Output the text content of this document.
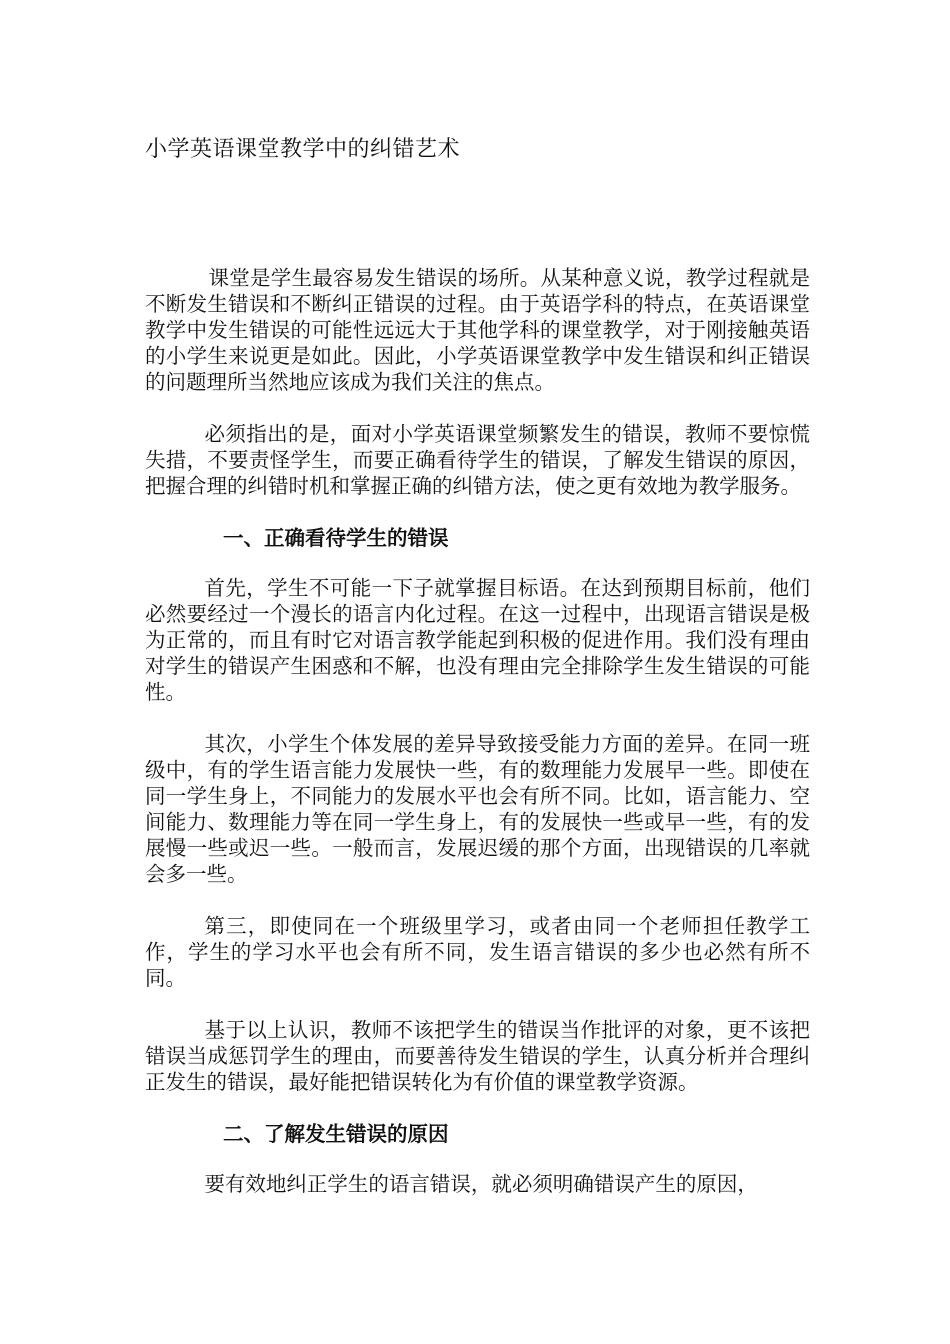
小学英语课堂教学中的纠错艺术

课堂是学生最容易发生错误的场所。从某种意义说，教学过程就是不断发生错误和不断纠正错误的过程。由于英语学科的特点，在英语课堂教学中发生错误的可能性远远大于其他学科的课堂教学，对于刚接触英语的小学生来说更是如此。因此，小学英语课堂教学中发生错误和纠正错误的问题理所当然地应该成为我们关注的焦点。

必须指出的是，面对小学英语课堂频繁发生的错误，教师不要惊慌失措，不要责怪学生，而要正确看待学生的错误，了解发生错误的原因，把握合理的纠错时机和掌握正确的纠错方法，使之更有效地为教学服务。

一、正确看待学生的错误

首先，学生不可能一下子就掌握目标语。在达到预期目标前，他们必然要经过一个漫长的语言内化过程。在这一过程中，出现语言错误是极为正常的，而且有时它对语言教学能起到积极的促进作用。我们没有理由对学生的错误产生困惑和不解，也没有理由完全排除学生发生错误的可能性。

其次，小学生个体发展的差异导致接受能力方面的差异。在同一班级中，有的学生语言能力发展快一些，有的数理能力发展早一些。即使在同一学生身上，不同能力的发展水平也会有所不同。比如，语言能力、空间能力、数理能力等在同一学生身上，有的发展快一些或早一些，有的发展慢一些或迟一些。一般而言，发展迟缓的那个方面，出现错误的几率就会多一些。

第三，即使同在一个班级里学习，或者由同一个老师担任教学工作，学生的学习水平也会有所不同，发生语言错误的多少也必然有所不同。

基于以上认识，教师不该把学生的错误当作批评的对象，更不该把错误当成惩罚学生的理由，而要善待发生错误的学生，认真分析并合理纠正发生的错误，最好能把错误转化为有价值的课堂教学资源。

二、了解发生错误的原因

要有效地纠正学生的语言错误，就必须明确错误产生的原因，
